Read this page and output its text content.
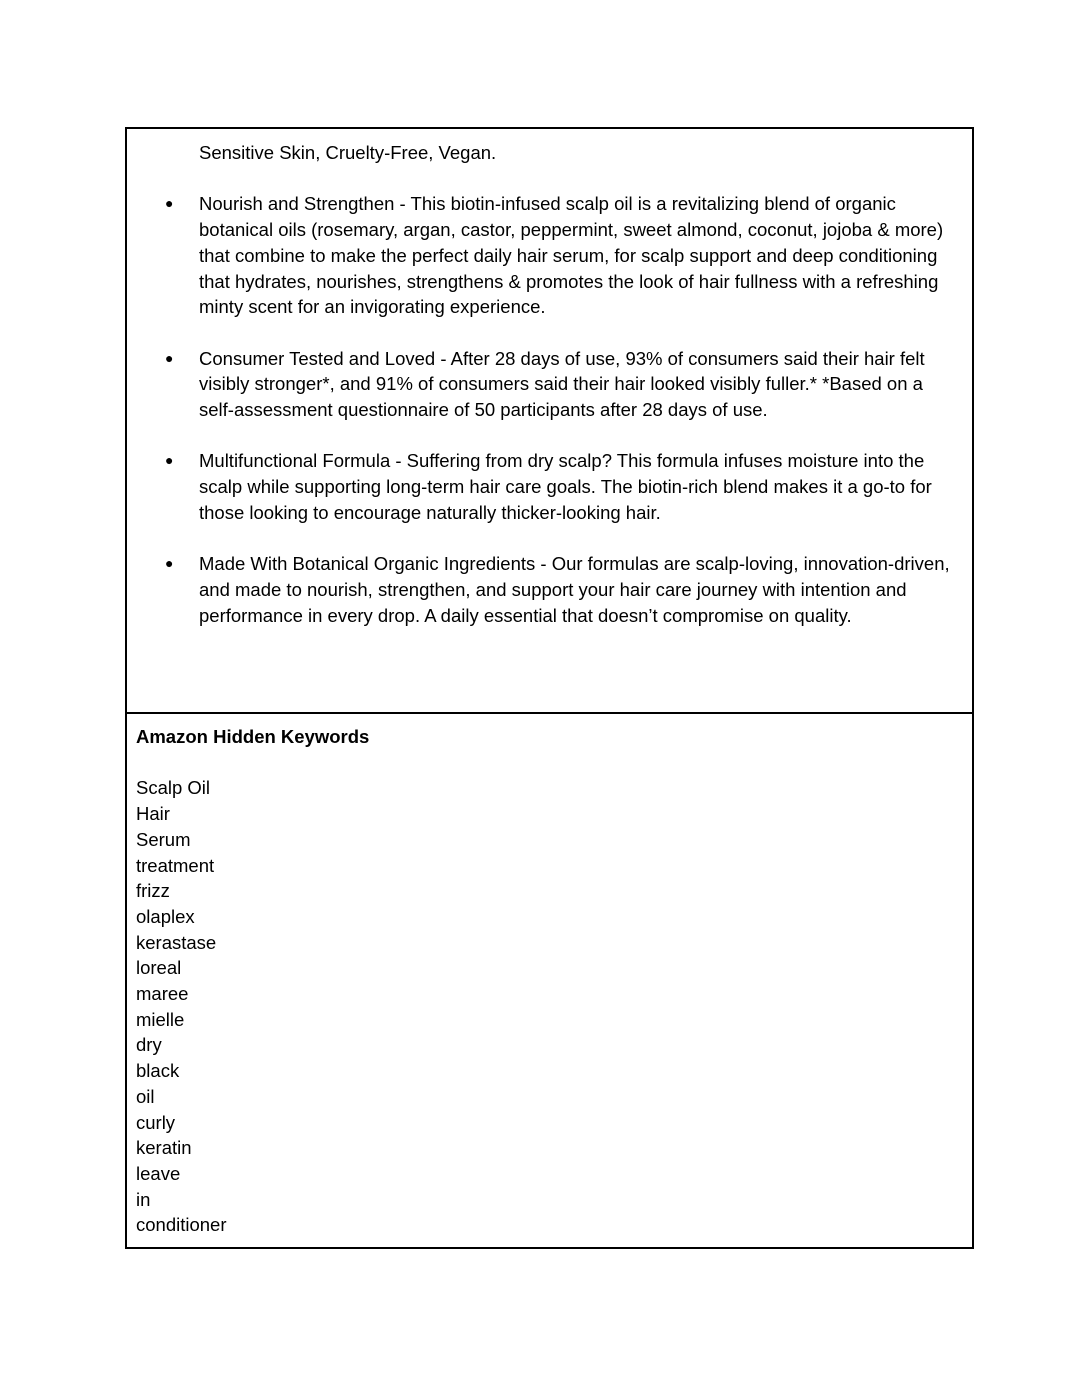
Sensitive Skin, Cruelty-Free, Vegan.
● Nourish and Strengthen - This biotin-infused scalp oil is a revitalizing blend of organic botanical oils (rosemary, argan, castor, peppermint, sweet almond, coconut, jojoba & more) that combine to make the perfect daily hair serum, for scalp support and deep conditioning that hydrates, nourishes, strengthens & promotes the look of hair fullness with a refreshing minty scent for an invigorating experience.
● Consumer Tested and Loved - After 28 days of use, 93% of consumers said their hair felt visibly stronger*, and 91% of consumers said their hair looked visibly fuller.* *Based on a self-assessment questionnaire of 50 participants after 28 days of use.
● Multifunctional Formula - Suffering from dry scalp? This formula infuses moisture into the scalp while supporting long-term hair care goals. The biotin-rich blend makes it a go-to for those looking to encourage naturally thicker-looking hair.
● Made With Botanical Organic Ingredients - Our formulas are scalp-loving, innovation-driven, and made to nourish, strengthen, and support your hair care journey with intention and performance in every drop. A daily essential that doesn’t compromise on quality.
Amazon Hidden Keywords
Scalp Oil
Hair
Serum
treatment
frizz
olaplex
kerastase
loreal
maree
mielle
dry
black
oil
curly
keratin
leave
in
conditioner
